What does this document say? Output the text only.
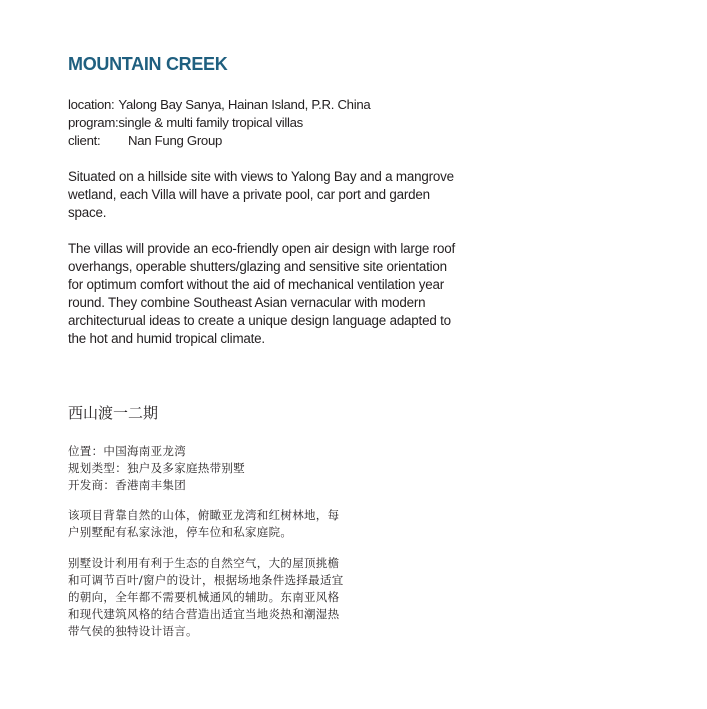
MOUNTAIN CREEK
location: Yalong Bay Sanya, Hainan Island, P.R. China
program: single & multi family tropical villas
client:	Nan Fung Group

Situated on a hillside site with views to Yalong Bay and a mangrove wetland, each Villa will have a private pool, car port and garden space.

The villas will provide an eco-friendly open air design with large roof overhangs, operable shutters/glazing and sensitive site orientation for optimum comfort without the aid of mechanical ventilation year round. They combine Southeast Asian vernacular with modern architecturual ideas to create a unique design language adapted to the hot and humid tropical climate.

西山渡一二期
位置：中国海南亚龙湾
规划类型：独户及多家庭热带别墅
开发商：香港南丰集团
该项目背靠自然的山体，俯瞰亚龙湾和红树林地，每
户别墅配有私家泳池，停车位和私家庭院。
别墅设计利用有利于生态的自然空气，大的屋顶挑檐
和可调节百叶/窗户的设计，根据场地条件选择最适宜
的朝向，全年都不需要机械通风的辅助。东南亚风格
和现代建筑风格的结合营造出适宜当地炎热和潮湿热
带气侯的独特设计语言。
